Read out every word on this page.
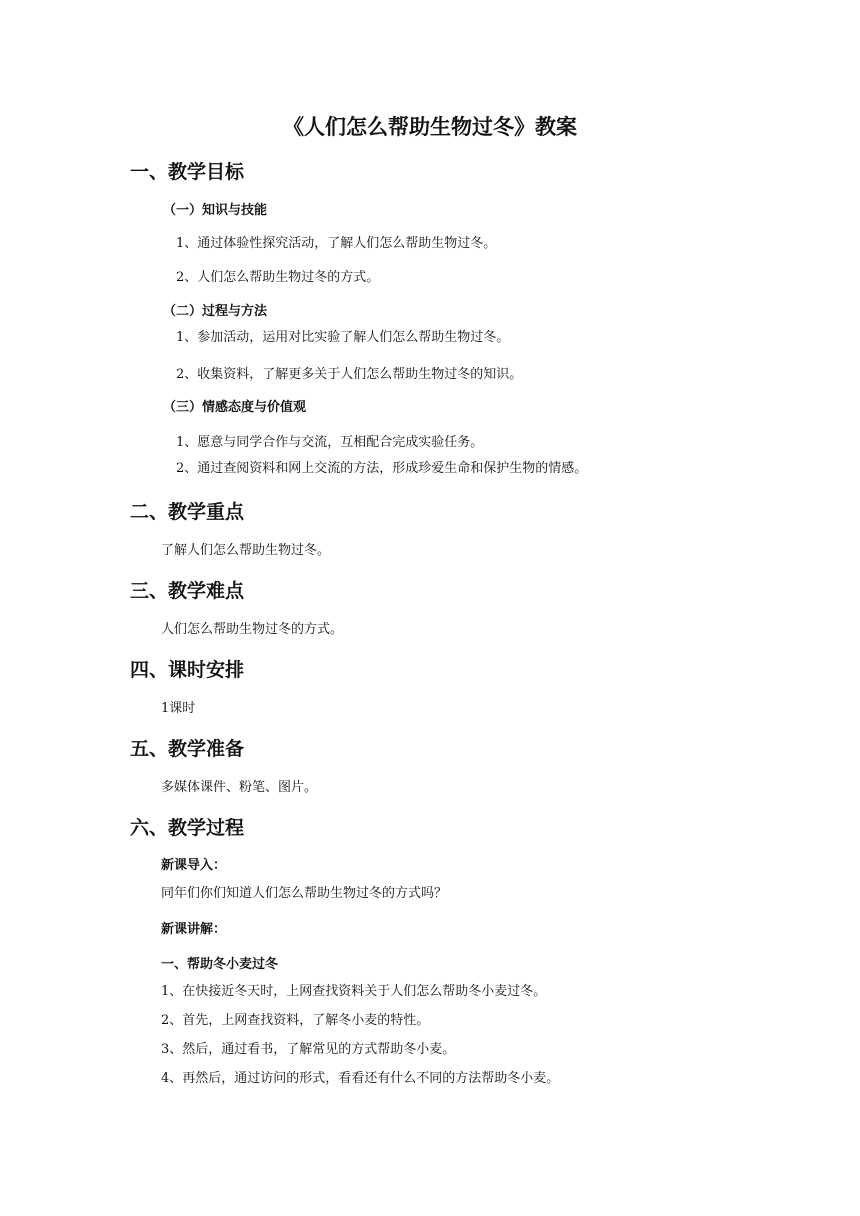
《人们怎么帮助生物过冬》教案
一、教学目标
（一）知识与技能

1、通过体验性探究活动，了解人们怎么帮助生物过冬。

2、人们怎么帮助生物过冬的方式。

（二）过程与方法

1、参加活动，运用对比实验了解人们怎么帮助生物过冬。

2、收集资料，了解更多关于人们怎么帮助生物过冬的知识。

（三）情感态度与价值观

1、愿意与同学合作与交流，互相配合完成实验任务。

2、通过查阅资料和网上交流的方法，形成珍爱生命和保护生物的情感。

二、教学重点

了解人们怎么帮助生物过冬。

三、教学难点

人们怎么帮助生物过冬的方式。

四、课时安排

1课时

五、教学准备

多媒体课件、粉笔、图片。

六、教学过程
新课导入：

同年们你们知道人们怎么帮助生物过冬的方式吗？

新课讲解：
一、帮助冬小麦过冬

1、在快接近冬天时，上网查找资料关于人们怎么帮助冬小麦过冬。

2、首先，上网查找资料，了解冬小麦的特性。

3、然后，通过看书，了解常见的方式帮助冬小麦。

4、再然后，通过访问的形式，看看还有什么不同的方法帮助冬小麦。
